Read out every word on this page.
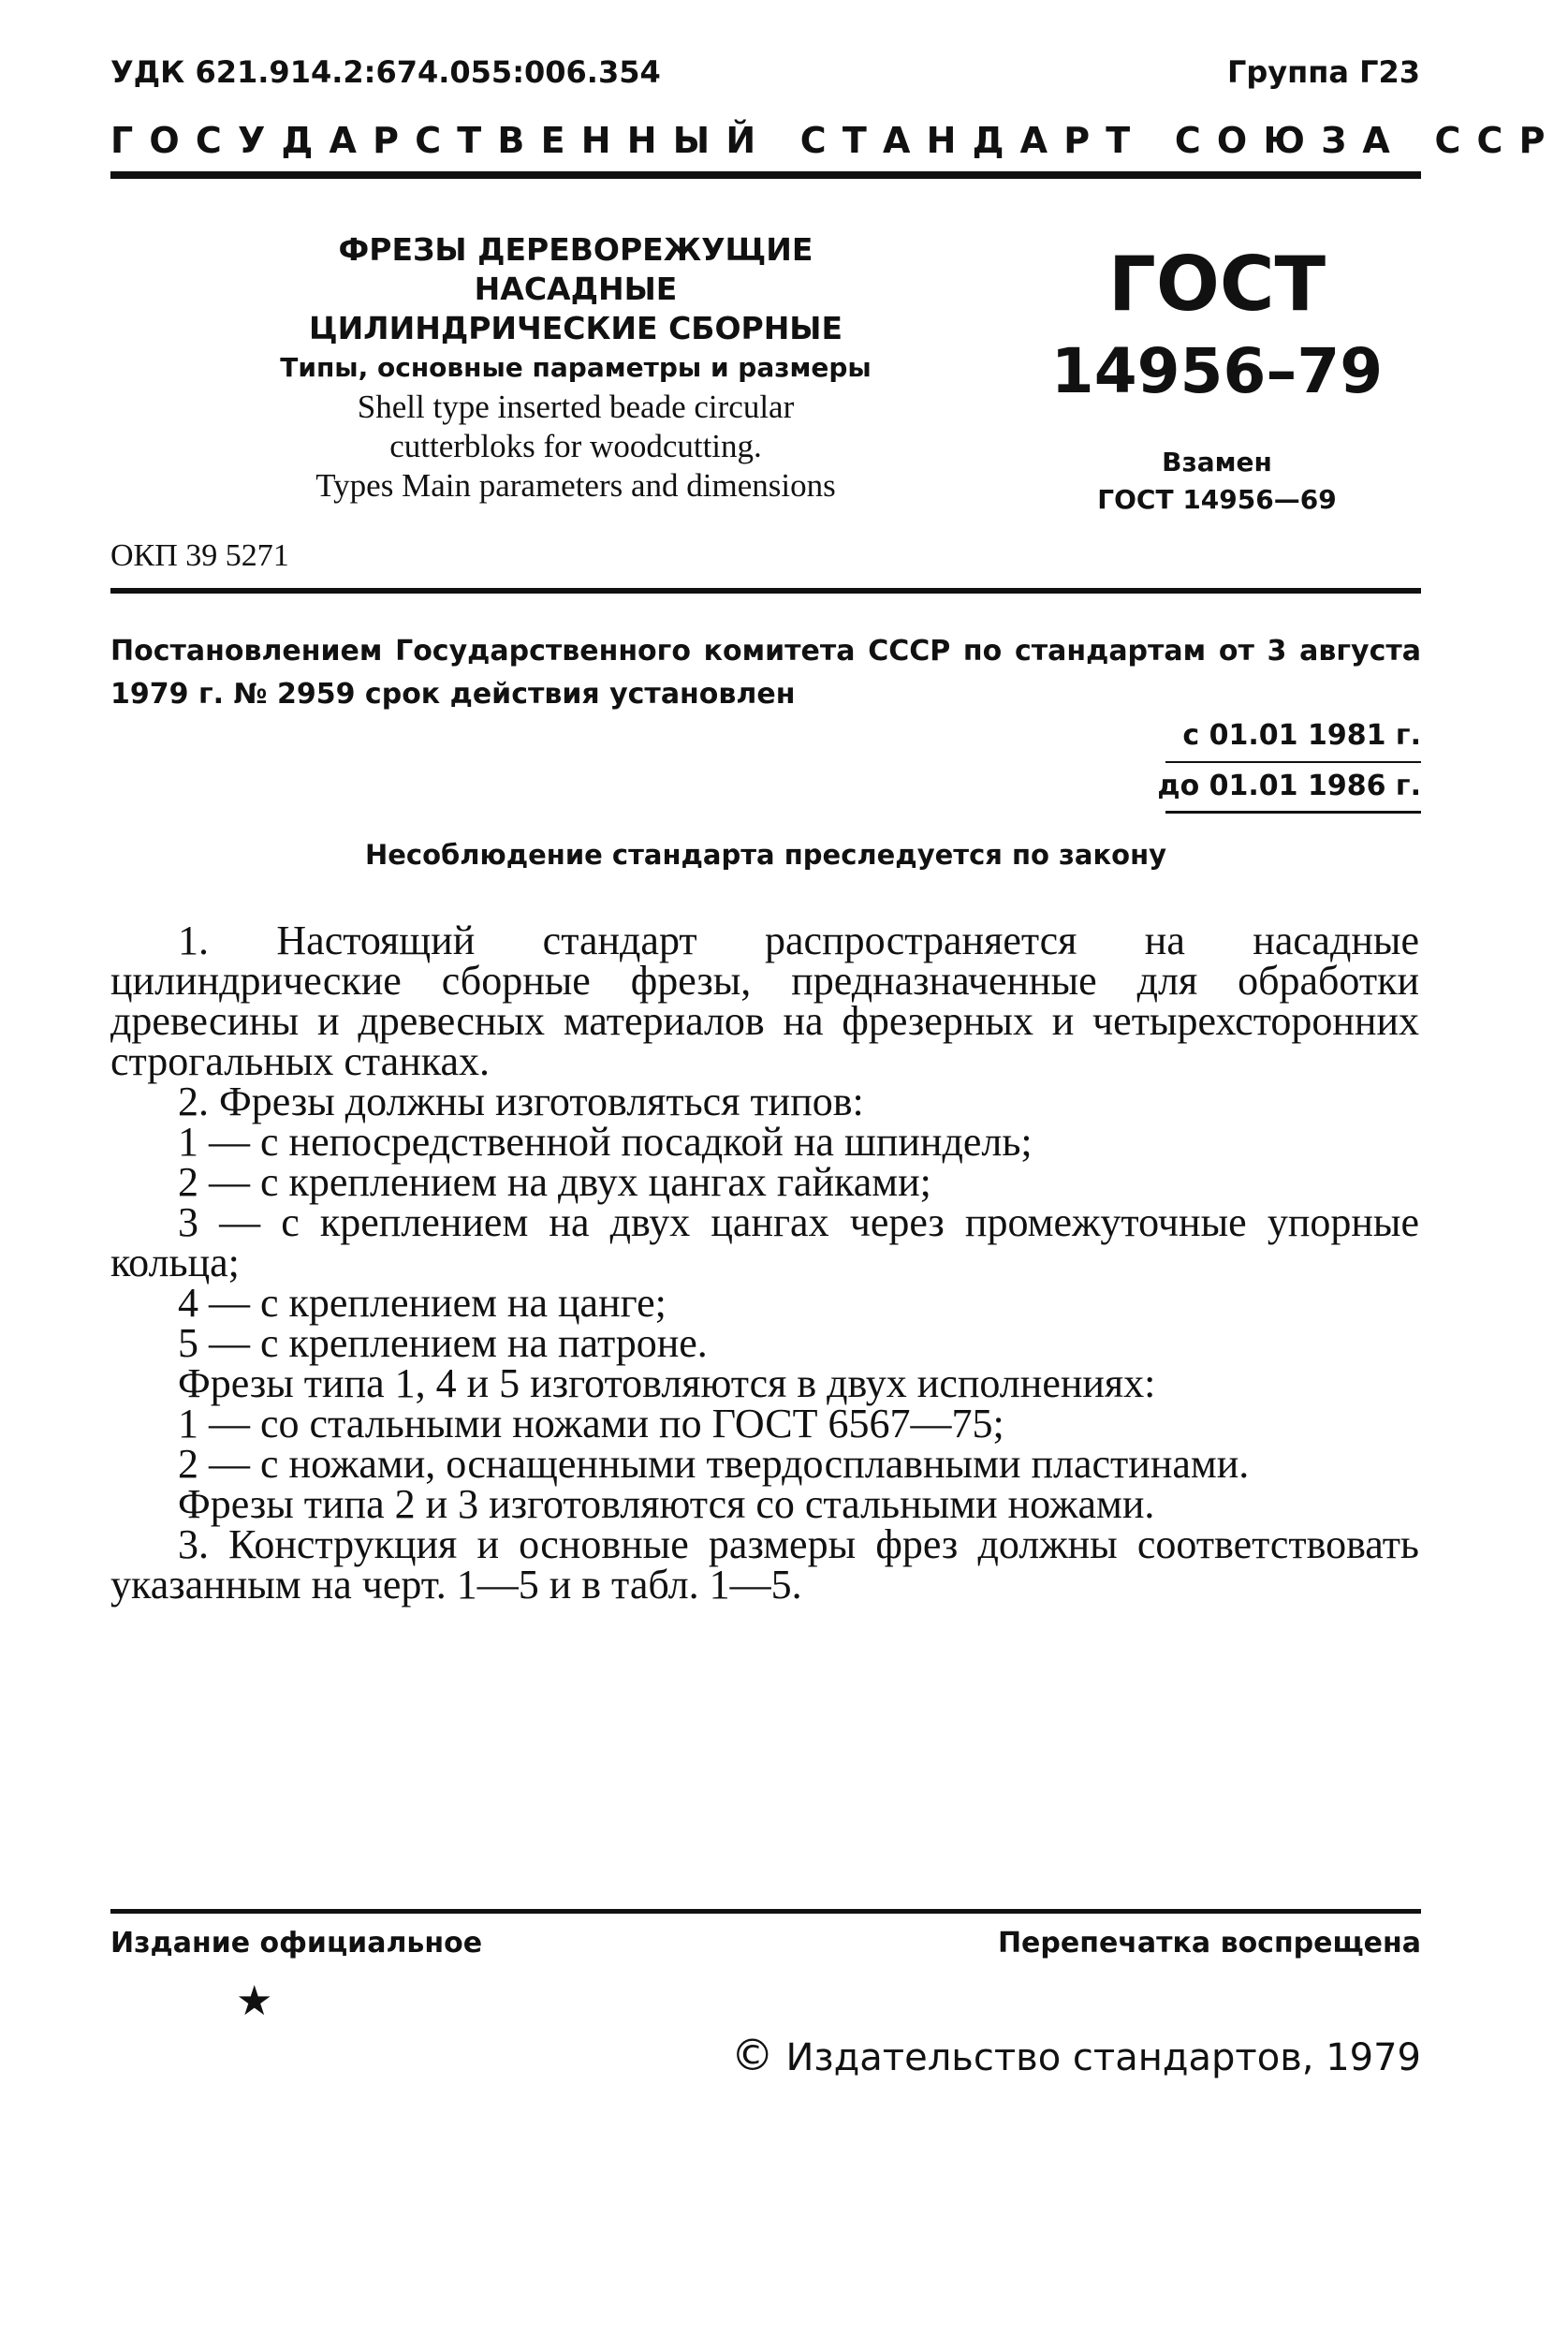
УДК 621.914.2:674.055:006.354	Группа Г23
ГОСУДАРСТВЕННЫЙ СТАНДАРТ СОЮЗА ССР
ФРЕЗЫ ДЕРЕВОРЕЖУЩИЕ НАСАДНЫЕ
ЦИЛИНДРИЧЕСКИЕ СБОРНЫЕ
Типы, основные параметры и размеры
Shell type inserted beade circular
cutterbloks for woodcutting.
Types Main parameters and dimensions
ГОСТ
14956–79
Взамен
ГОСТ 14956—69
ОКП 39 5271
Постановлением Государственного комитета СССР по стандартам от 3 августа
1979 г. № 2959 срок действия установлен
с 01.01 1981 г.
до 01.01 1986 г.
Несоблюдение стандарта преследуется по закону

1. Настоящий стандарт распространяется на насадные цилиндрические сборные фрезы, предназначенные для обработки древесины и древесных материалов на фрезерных и четырехсторонних строгальных станках.

2. Фрезы должны изготовляться типов:

1 — с непосредственной посадкой на шпиндель;

2 — с креплением на двух цангах гайками;

3 — с креплением на двух цангах через промежуточные упорные кольца;

4 — с креплением на цанге;

5 — с креплением на патроне.

Фрезы типа 1, 4 и 5 изготовляются в двух исполнениях:

1 — со стальными ножами по ГОСТ 6567—75;

2 — с ножами, оснащенными твердосплавными пластинами.

Фрезы типа 2 и 3 изготовляются со стальными ножами.

3. Конструкция и основные размеры фрез должны соответствовать указанным на черт. 1—5 и в табл. 1—5.

Издание официальное	Перепечатка воспрещена
★
© Издательство стандартов, 1979
